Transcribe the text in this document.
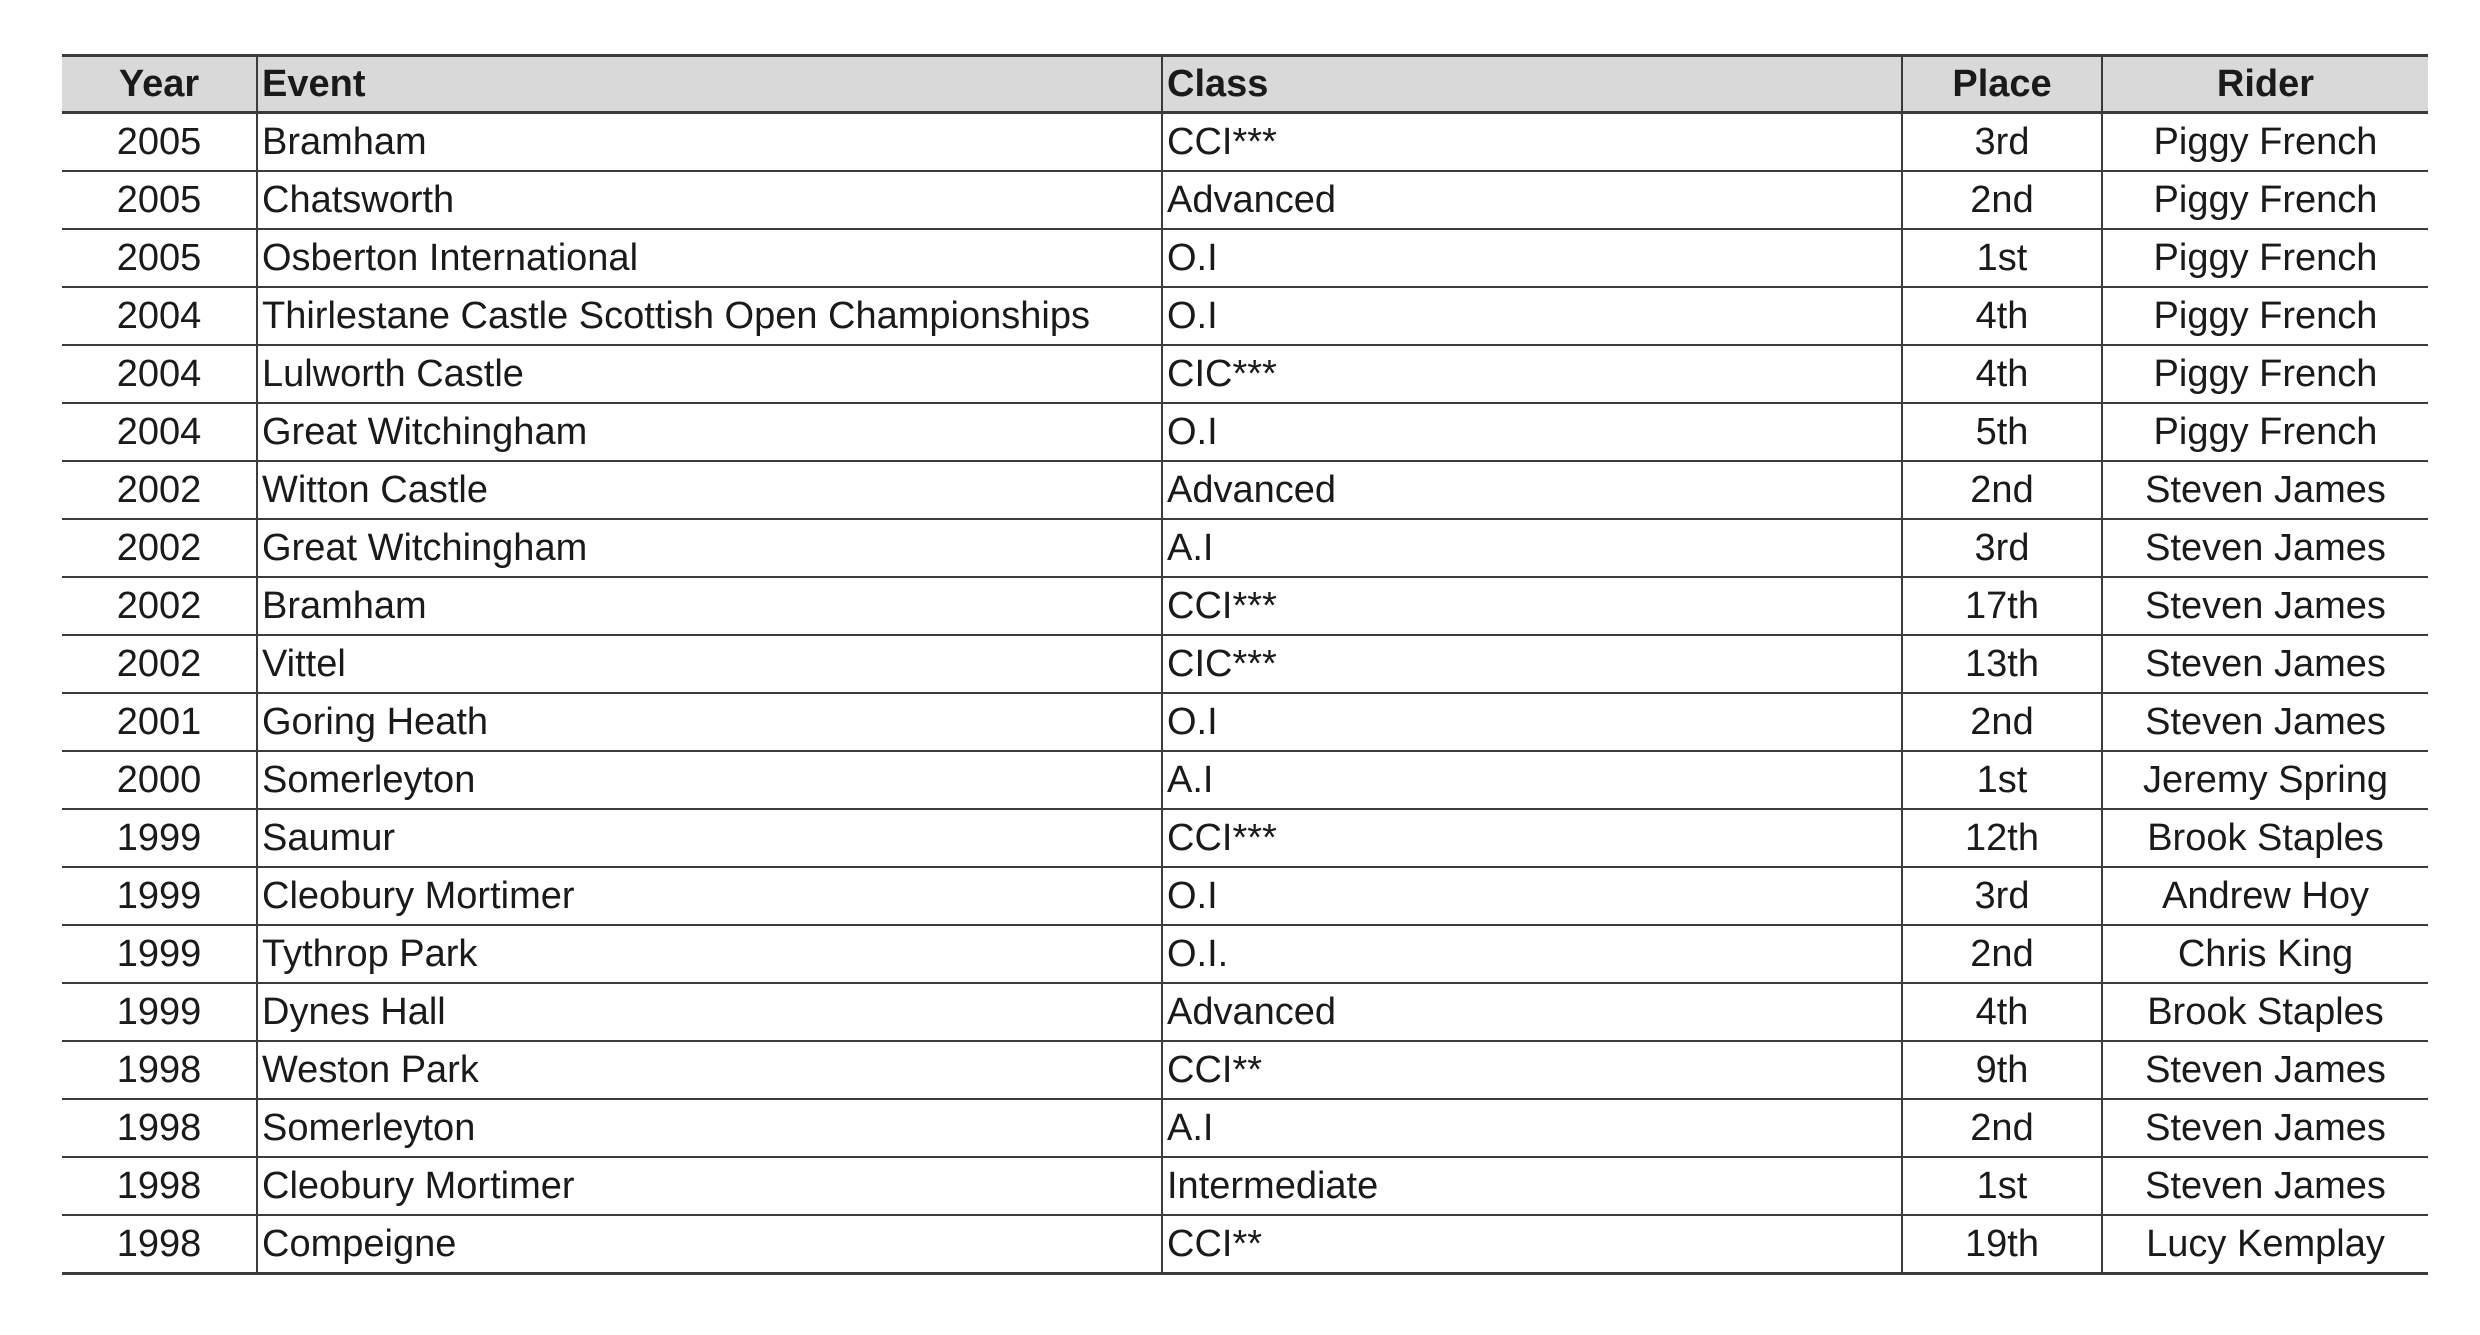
Year	Event	Class	Place	Rider
2005	Bramham	CCI***	3rd	Piggy French
2005	Chatsworth	Advanced	2nd	Piggy French
2005	Osberton International	O.I	1st	Piggy French
2004	Thirlestane Castle Scottish Open Championships	O.I	4th	Piggy French
2004	Lulworth Castle	CIC***	4th	Piggy French
2004	Great Witchingham	O.I	5th	Piggy French
2002	Witton Castle	Advanced	2nd	Steven James
2002	Great Witchingham	A.I	3rd	Steven James
2002	Bramham	CCI***	17th	Steven James
2002	Vittel	CIC***	13th	Steven James
2001	Goring Heath	O.I	2nd	Steven James
2000	Somerleyton	A.I	1st	Jeremy Spring
1999	Saumur	CCI***	12th	Brook Staples
1999	Cleobury Mortimer	O.I	3rd	Andrew Hoy
1999	Tythrop Park	O.I.	2nd	Chris King
1999	Dynes Hall	Advanced	4th	Brook Staples
1998	Weston Park	CCI**	9th	Steven James
1998	Somerleyton	A.I	2nd	Steven James
1998	Cleobury Mortimer	Intermediate	1st	Steven James
1998	Compeigne	CCI**	19th	Lucy Kemplay
